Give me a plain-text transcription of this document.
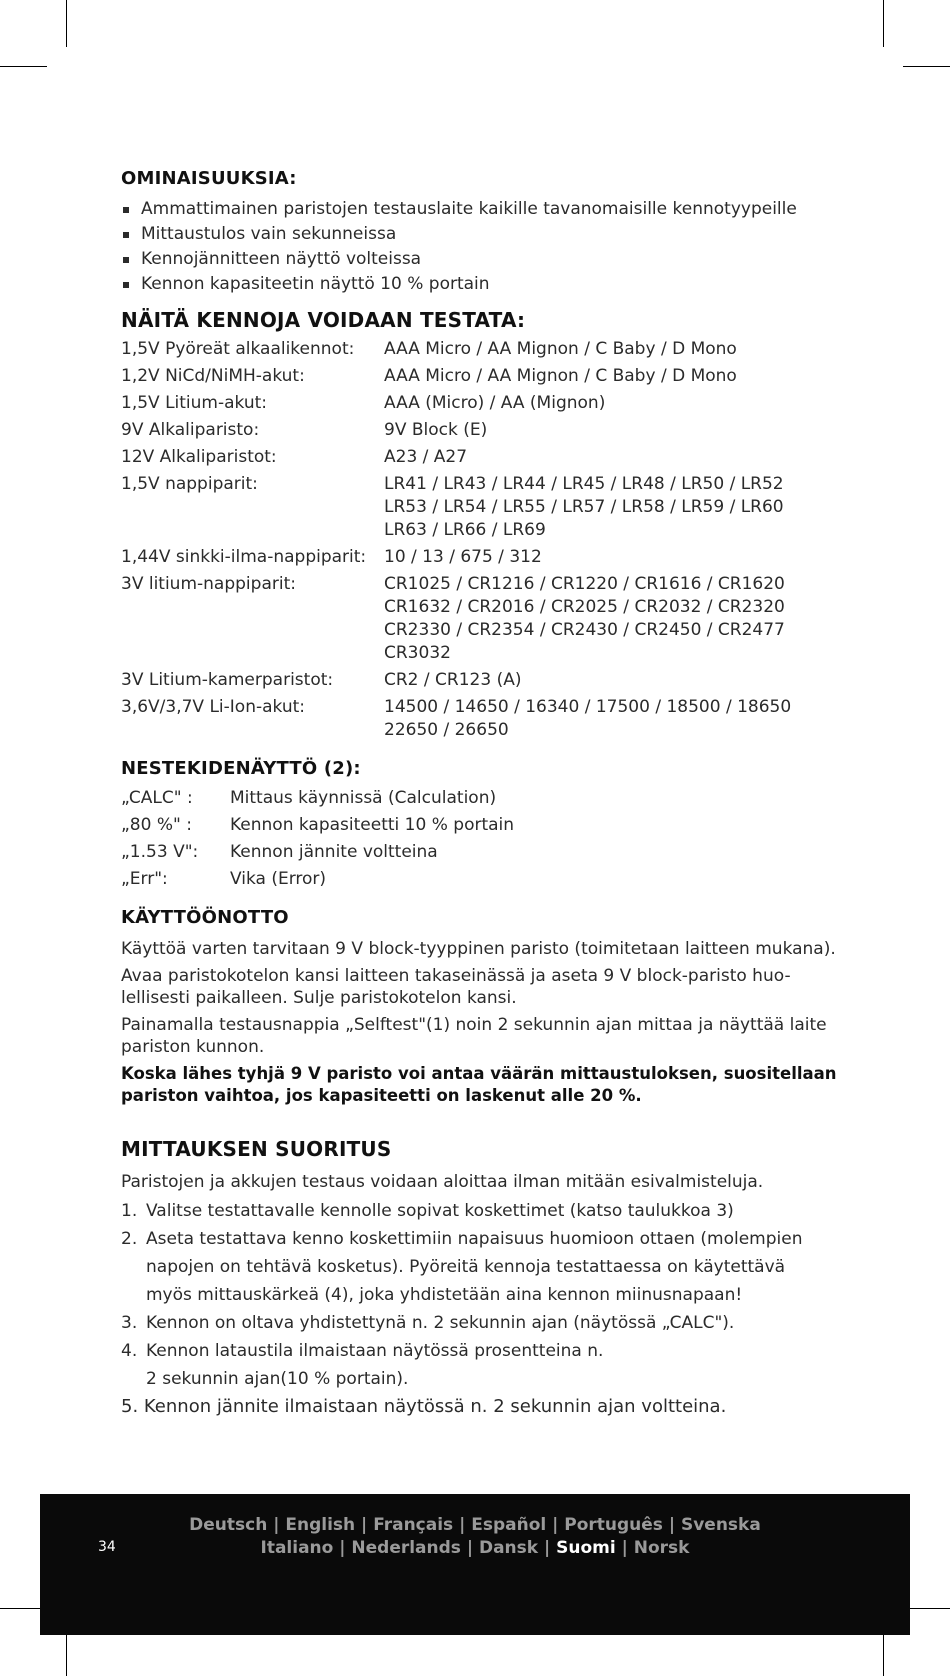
OMINAISUUKSIA:
Ammattimainen paristojen testauslaite kaikille tavanomaisille kennotyypeille
Mittaustulos vain sekunneissa
Kennojännitteen näyttö volteissa
Kennon kapasiteetin näyttö 10 % portain
NÄITÄ KENNOJA VOIDAAN TESTATA:
1,5V Pyöreät alkaalikennot:	AAA Micro / AA Mignon / C Baby / D Mono
1,2V NiCd/NiMH-akut:	AAA Micro / AA Mignon / C Baby / D Mono
1,5V Litium-akut:	AAA (Micro) / AA (Mignon)
9V Alkaliparisto:	9V Block (E)
12V Alkaliparistot:	A23 / A27
1,5V nappiparit:	LR41 / LR43 / LR44 / LR45 / LR48 / LR50 / LR52
LR53 / LR54 / LR55 / LR57 / LR58 / LR59 / LR60
LR63 / LR66 / LR69
1,44V sinkki-ilma-nappiparit:	10 / 13 / 675 / 312
3V litium-nappiparit:	CR1025 / CR1216 / CR1220 / CR1616 / CR1620
CR1632 / CR2016 / CR2025 / CR2032 / CR2320
CR2330 / CR2354 / CR2430 / CR2450 / CR2477
CR3032
3V Litium-kamerparistot:	CR2 / CR123 (A)
3,6V/3,7V Li-Ion-akut:	14500 / 14650 / 16340 / 17500 / 18500 / 18650
22650 / 26650
NESTEKIDENÄYTTÖ (2):
„CALC" :	Mittaus käynnissä (Calculation)
„80 %" :	Kennon kapasiteetti 10 % portain
„1.53 V":	Kennon jännite voltteina
„Err":	Vika (Error)
KÄYTTÖÖNOTTO

Käyttöä varten tarvitaan 9 V block-tyyppinen paristo (toimitetaan laitteen mukana).

Avaa paristokotelon kansi laitteen takaseinässä ja aseta 9 V block-paristo huo-lellisesti paikalleen. Sulje paristokotelon kansi.

Painamalla testausnappia „Selftest"(1) noin 2 sekunnin ajan mittaa ja näyttää laite pariston kunnon.

Koska lähes tyhjä 9 V paristo voi antaa väärän mittaustuloksen, suositellaan pariston vaihtoa, jos kapasiteetti on laskenut alle 20 %.

MITTAUKSEN SUORITUS

Paristojen ja akkujen testaus voidaan aloittaa ilman mitään esivalmisteluja.

1. Valitse testattavalle kennolle sopivat koskettimet (katso taulukkoa 3)
2. Aseta testattava kenno koskettimiin napaisuus huomioon ottaen (molempien
napojen on tehtävä kosketus). Pyöreitä kennoja testattaessa on käytettävä
myös mittauskärkeä (4), joka yhdistetään aina kennon miinusnapaan!
3. Kennon on oltava yhdistettynä n. 2 sekunnin ajan (näytössä „CALC").
4. Kennon lataustila ilmaistaan näytössä prosentteina n.
2 sekunnin ajan(10 % portain).
5. Kennon jännite ilmaistaan näytössä n. 2 sekunnin ajan voltteina.
34
Deutsch | English | Français | Español | Português | Svenska
Italiano | Nederlands | Dansk | Suomi | Norsk
